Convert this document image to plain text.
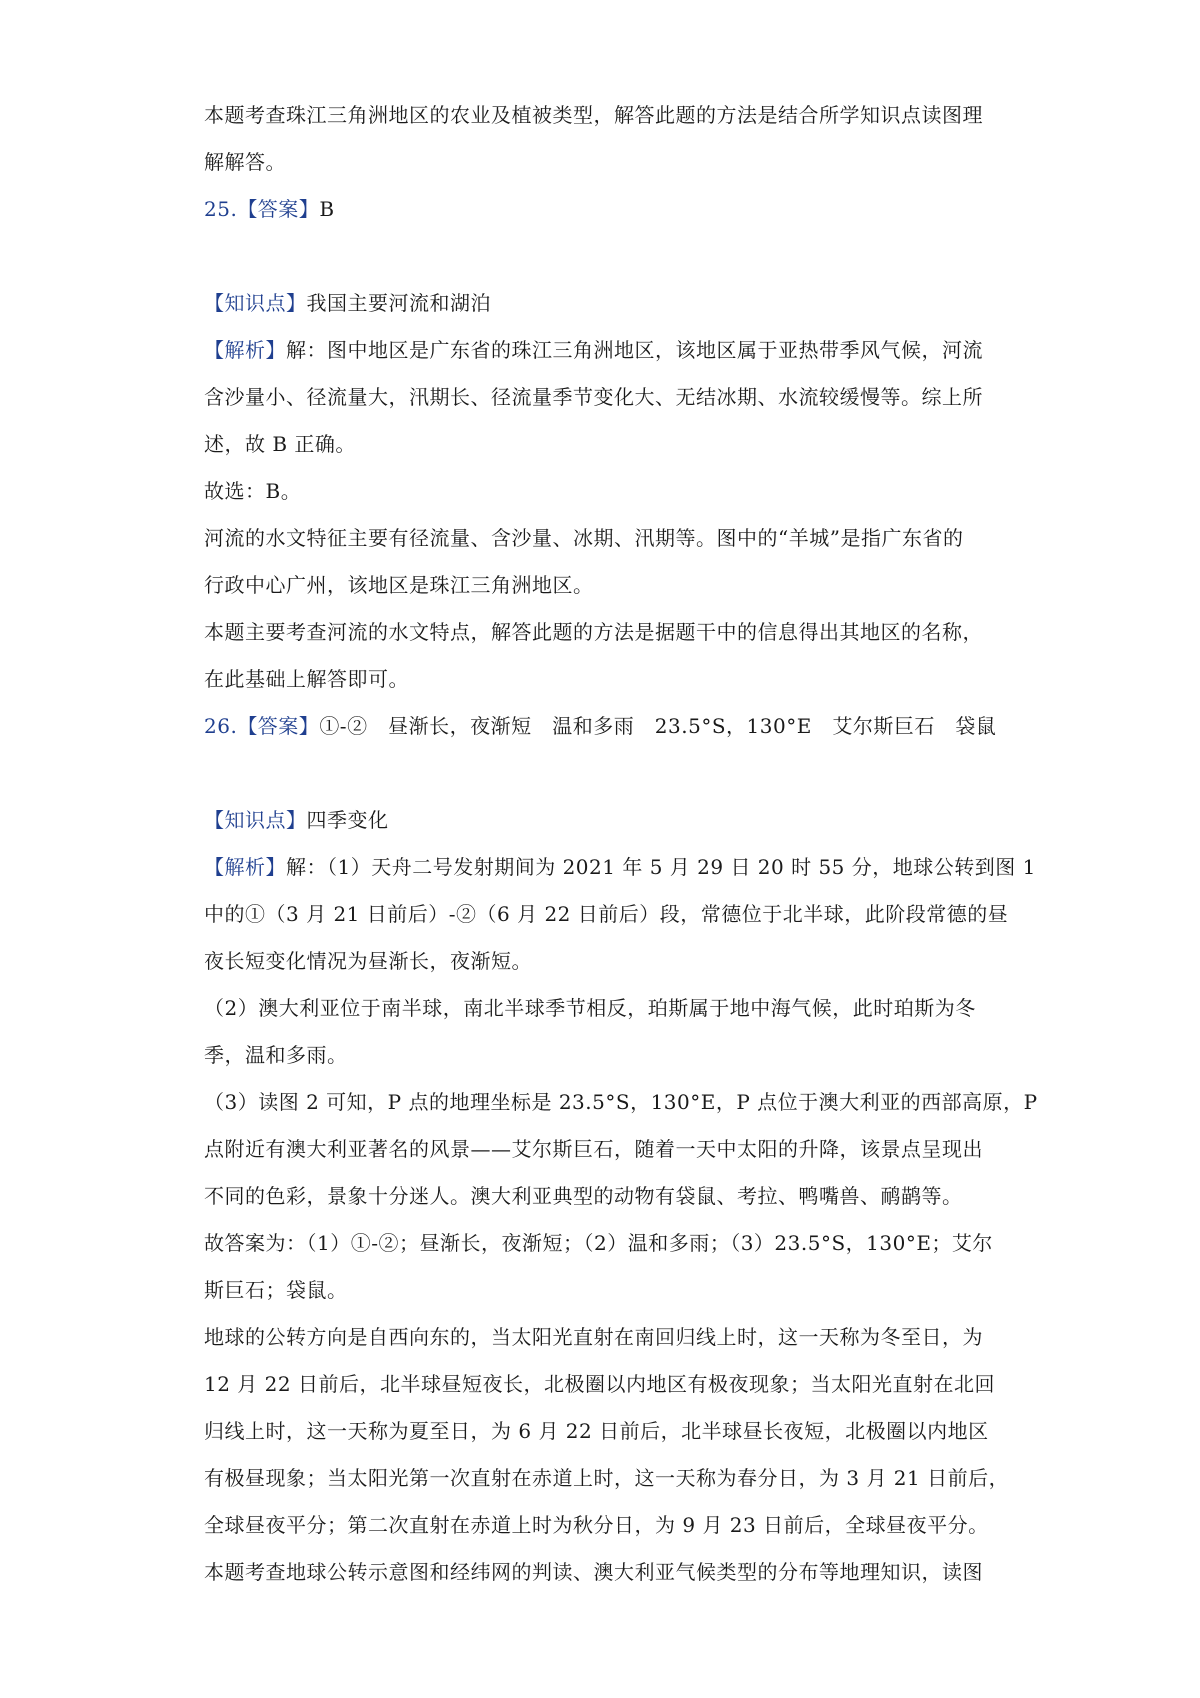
本题考查珠江三角洲地区的农业及植被类型，解答此题的方法是结合所学知识点读图理
解解答。
25.【答案】B
【知识点】我国主要河流和湖泊
【解析】解：图中地区是广东省的珠江三角洲地区，该地区属于亚热带季风气候，河流
含沙量小、径流量大，汛期长、径流量季节变化大、无结冰期、水流较缓慢等。综上所
述，故 B 正确。
故选：B。
河流的水文特征主要有径流量、含沙量、冰期、汛期等。图中的“羊城”是指广东省的
行政中心广州，该地区是珠江三角洲地区。
本题主要考查河流的水文特点，解答此题的方法是据题干中的信息得出其地区的名称，
在此基础上解答即可。
26.【答案】①-②   昼渐长，夜渐短   温和多雨   23.5°S，130°E   艾尔斯巨石   袋鼠
【知识点】四季变化
【解析】解：（1）天舟二号发射期间为 2021 年 5 月 29 日 20 时 55 分，地球公转到图 1
中的①（3 月 21 日前后）-②（6 月 22 日前后）段，常德位于北半球，此阶段常德的昼
夜长短变化情况为昼渐长，夜渐短。
（2）澳大利亚位于南半球，南北半球季节相反，珀斯属于地中海气候，此时珀斯为冬
季，温和多雨。
（3）读图 2 可知，P 点的地理坐标是 23.5°S，130°E，P 点位于澳大利亚的西部高原，P
点附近有澳大利亚著名的风景——艾尔斯巨石，随着一天中太阳的升降，该景点呈现出
不同的色彩，景象十分迷人。澳大利亚典型的动物有袋鼠、考拉、鸭嘴兽、鸸鹋等。
故答案为：（1）①-②；昼渐长，夜渐短；（2）温和多雨；（3）23.5°S，130°E；艾尔
斯巨石；袋鼠。
地球的公转方向是自西向东的，当太阳光直射在南回归线上时，这一天称为冬至日，为
12 月 22 日前后，北半球昼短夜长，北极圈以内地区有极夜现象；当太阳光直射在北回
归线上时，这一天称为夏至日，为 6 月 22 日前后，北半球昼长夜短，北极圈以内地区
有极昼现象；当太阳光第一次直射在赤道上时，这一天称为春分日，为 3 月 21 日前后，
全球昼夜平分；第二次直射在赤道上时为秋分日，为 9 月 23 日前后，全球昼夜平分。
本题考查地球公转示意图和经纬网的判读、澳大利亚气候类型的分布等地理知识，读图
